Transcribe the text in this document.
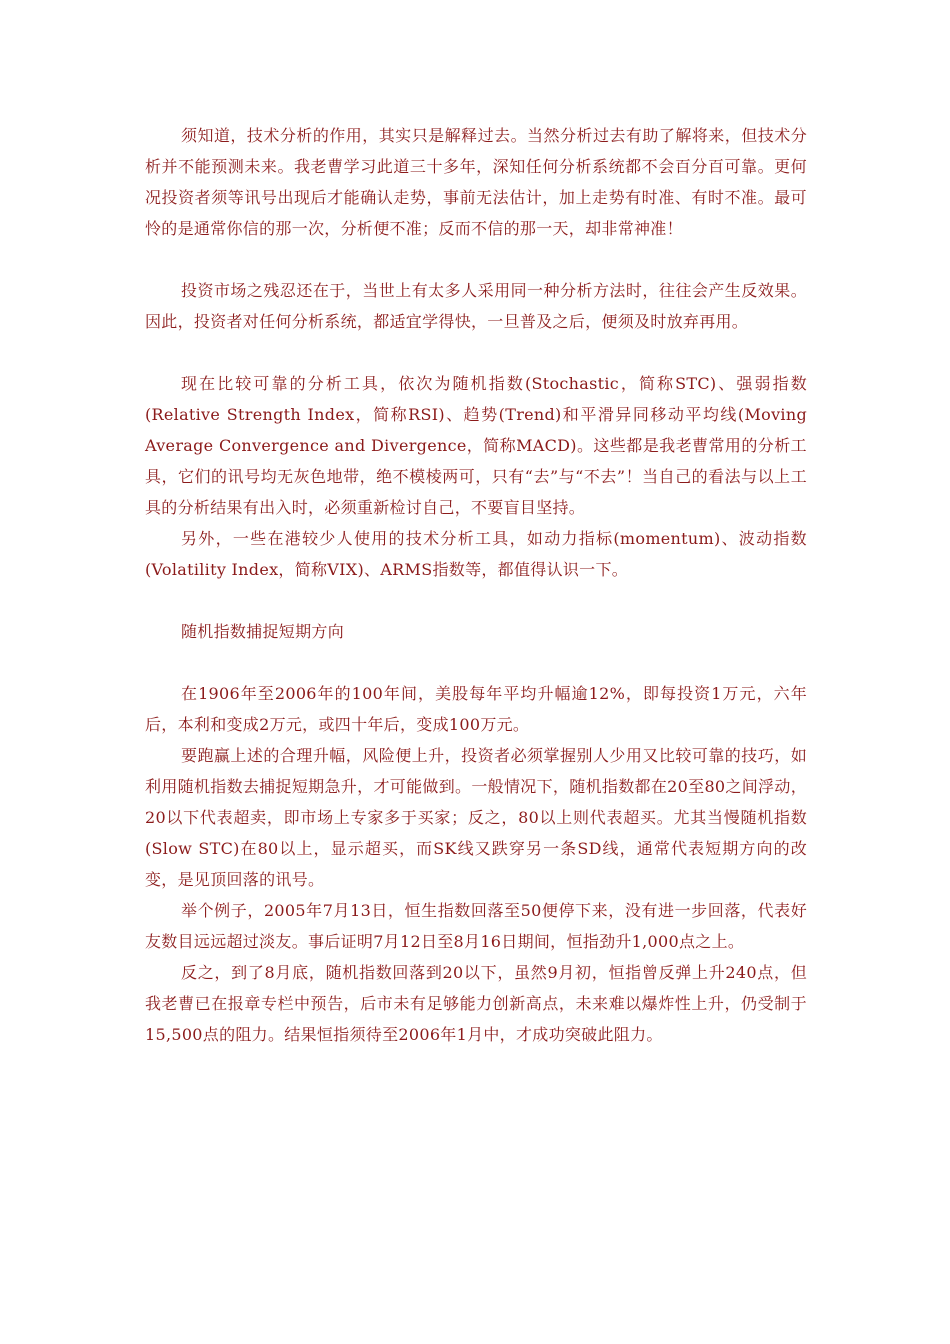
须知道，技术分析的作用，其实只是解释过去。当然分析过去有助了解将来，但技术分析并不能预测未来。我老曹学习此道三十多年，深知任何分析系统都不会百分百可靠。更何况投资者须等讯号出现后才能确认走势，事前无法估计，加上走势有时准、有时不准。最可怜的是通常你信的那一次，分析便不准；反而不信的那一天，却非常神准！

投资市场之残忍还在于，当世上有太多人采用同一种分析方法时，往往会产生反效果。因此，投资者对任何分析系统，都适宜学得快，一旦普及之后，便须及时放弃再用。

现在比较可靠的分析工具，依次为随机指数(Stochastic，简称STC)、强弱指数(Relative Strength Index，简称RSI)、趋势(Trend)和平滑异同移动平均线(Moving Average Convergence and Divergence，简称MACD)。这些都是我老曹常用的分析工具，它们的讯号均无灰色地带，绝不模棱两可，只有“去”与“不去”！当自己的看法与以上工具的分析结果有出入时，必须重新检讨自己，不要盲目坚持。

另外，一些在港较少人使用的技术分析工具，如动力指标(momentum)、波动指数(Volatility Index，简称VIX)、ARMS指数等，都值得认识一下。

随机指数捕捉短期方向

在1906年至2006年的100年间，美股每年平均升幅逾12%，即每投资1万元，六年后，本利和变成2万元，或四十年后，变成100万元。

要跑赢上述的合理升幅，风险便上升，投资者必须掌握别人少用又比较可靠的技巧，如利用随机指数去捕捉短期急升，才可能做到。一般情况下，随机指数都在20至80之间浮动，20以下代表超卖，即市场上专家多于买家；反之，80以上则代表超买。尤其当慢随机指数(Slow STC)在80以上，显示超买，而SK线又跌穿另一条SD线，通常代表短期方向的改变，是见顶回落的讯号。

举个例子，2005年7月13日，恒生指数回落至50便停下来，没有进一步回落，代表好友数目远远超过淡友。事后证明7月12日至8月16日期间，恒指劲升1,000点之上。

反之，到了8月底，随机指数回落到20以下，虽然9月初，恒指曾反弹上升240点，但我老曹已在报章专栏中预告，后市未有足够能力创新高点，未来难以爆炸性上升，仍受制于15,500点的阻力。结果恒指须待至2006年1月中，才成功突破此阻力。
